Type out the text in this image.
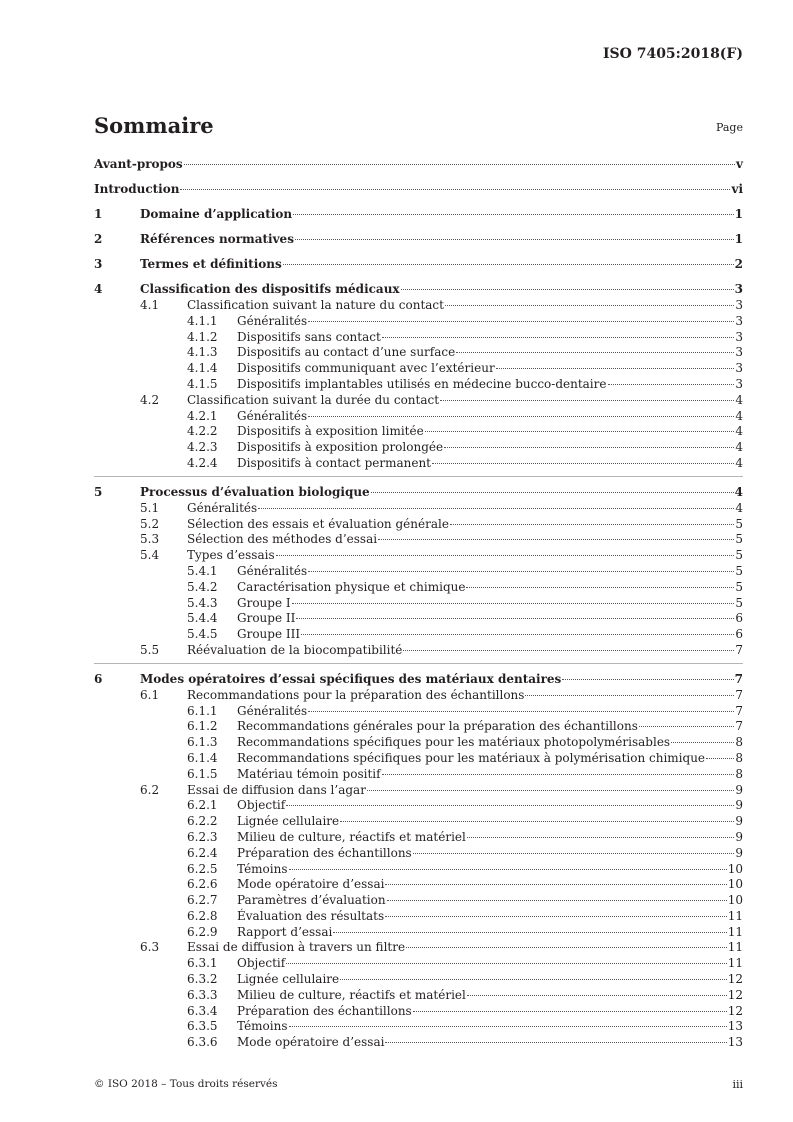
ISO 7405:2018(F)
Sommaire	Page
Avant-propos	v
Introduction	vi
1	Domaine d’application	1
2	Références normatives	1
3	Termes et définitions	2
4	Classification des dispositifs médicaux	3
4.1	Classification suivant la nature du contact	3
4.1.1	Généralités	3
4.1.2	Dispositifs sans contact	3
4.1.3	Dispositifs au contact d’une surface	3
4.1.4	Dispositifs communiquant avec l’extérieur	3
4.1.5	Dispositifs implantables utilisés en médecine bucco-dentaire	3
4.2	Classification suivant la durée du contact	4
4.2.1	Généralités	4
4.2.2	Dispositifs à exposition limitée	4
4.2.3	Dispositifs à exposition prolongée	4
4.2.4	Dispositifs à contact permanent	4
5	Processus d’évaluation biologique	4
5.1	Généralités	4
5.2	Sélection des essais et évaluation générale	5
5.3	Sélection des méthodes d’essai	5
5.4	Types d’essais	5
5.4.1	Généralités	5
5.4.2	Caractérisation physique et chimique	5
5.4.3	Groupe I	5
5.4.4	Groupe II	6
5.4.5	Groupe III	6
5.5	Réévaluation de la biocompatibilité	7
6	Modes opératoires d’essai spécifiques des matériaux dentaires	7
6.1	Recommandations pour la préparation des échantillons	7
6.1.1	Généralités	7
6.1.2	Recommandations générales pour la préparation des échantillons	7
6.1.3	Recommandations spécifiques pour les matériaux photopolymérisables	8
6.1.4	Recommandations spécifiques pour les matériaux à polymérisation chimique	8
6.1.5	Matériau témoin positif	8
6.2	Essai de diffusion dans l’agar	9
6.2.1	Objectif	9
6.2.2	Lignée cellulaire	9
6.2.3	Milieu de culture, réactifs et matériel	9
6.2.4	Préparation des échantillons	9
6.2.5	Témoins	10
6.2.6	Mode opératoire d’essai	10
6.2.7	Paramètres d’évaluation	10
6.2.8	Évaluation des résultats	11
6.2.9	Rapport d’essai	11
6.3	Essai de diffusion à travers un filtre	11
6.3.1	Objectif	11
6.3.2	Lignée cellulaire	12
6.3.3	Milieu de culture, réactifs et matériel	12
6.3.4	Préparation des échantillons	12
6.3.5	Témoins	13
6.3.6	Mode opératoire d’essai	13
© ISO 2018 – Tous droits réservés	iii
